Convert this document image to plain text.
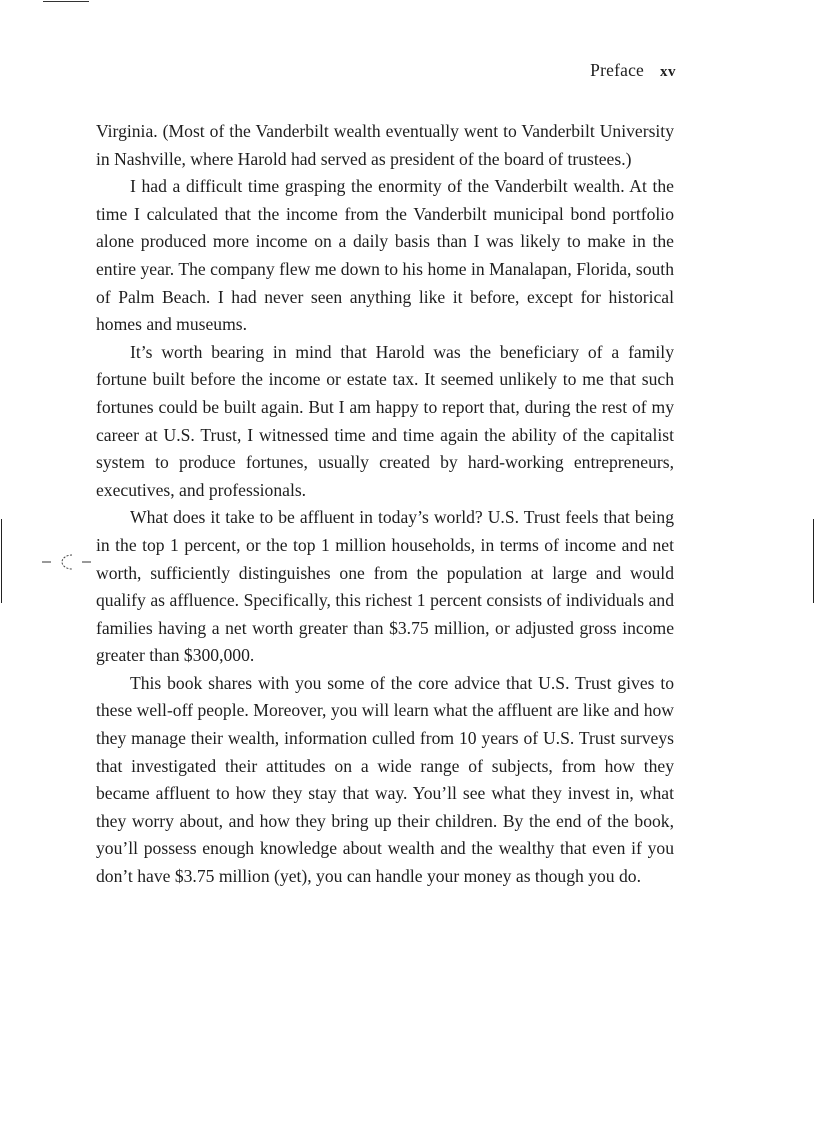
Preface xv

Virginia. (Most of the Vanderbilt wealth eventually went to Vanderbilt University in Nashville, where Harold had served as president of the board of trustees.)

I had a difficult time grasping the enormity of the Vanderbilt wealth. At the time I calculated that the income from the Vanderbilt municipal bond portfolio alone produced more income on a daily basis than I was likely to make in the entire year. The company flew me down to his home in Manalapan, Florida, south of Palm Beach. I had never seen anything like it before, except for historical homes and museums.

It’s worth bearing in mind that Harold was the beneficiary of a family fortune built before the income or estate tax. It seemed unlikely to me that such fortunes could be built again. But I am happy to report that, during the rest of my career at U.S. Trust, I witnessed time and time again the ability of the capitalist system to produce fortunes, usually created by hard-working entrepreneurs, executives, and professionals.

What does it take to be affluent in today’s world? U.S. Trust feels that being in the top 1 percent, or the top 1 million households, in terms of income and net worth, sufficiently distinguishes one from the population at large and would qualify as affluence. Specifically, this richest 1 percent consists of individuals and families having a net worth greater than $3.75 million, or adjusted gross income greater than $300,000.

This book shares with you some of the core advice that U.S. Trust gives to these well-off people. Moreover, you will learn what the affluent are like and how they manage their wealth, information culled from 10 years of U.S. Trust surveys that investigated their attitudes on a wide range of subjects, from how they became affluent to how they stay that way. You’ll see what they invest in, what they worry about, and how they bring up their children. By the end of the book, you’ll possess enough knowledge about wealth and the wealthy that even if you don’t have $3.75 million (yet), you can handle your money as though you do.
